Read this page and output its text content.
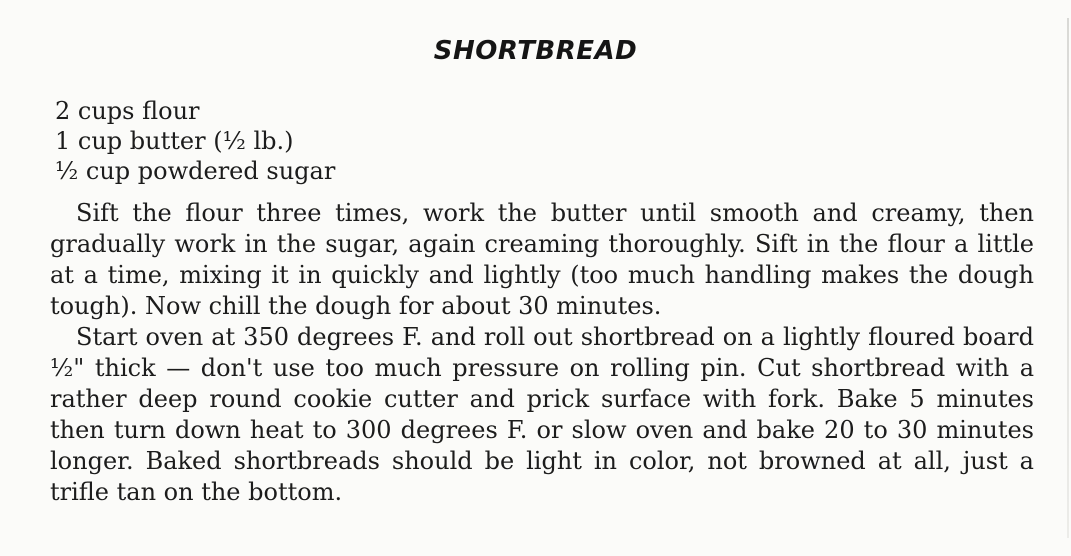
SHORTBREAD
2 cups flour
1 cup butter (½ lb.)
½ cup powdered sugar

Sift the flour three times, work the butter until smooth and creamy, then gradually work in the sugar, again creaming thoroughly. Sift in the flour a little at a time, mixing it in quickly and lightly (too much handling makes the dough tough). Now chill the dough for about 30 minutes.

Start oven at 350 degrees F. and roll out shortbread on a lightly floured board ½" thick — don't use too much pressure on rolling pin. Cut shortbread with a rather deep round cookie cutter and prick surface with fork. Bake 5 minutes then turn down heat to 300 degrees F. or slow oven and bake 20 to 30 minutes longer. Baked shortbreads should be light in color, not browned at all, just a trifle tan on the bottom.
